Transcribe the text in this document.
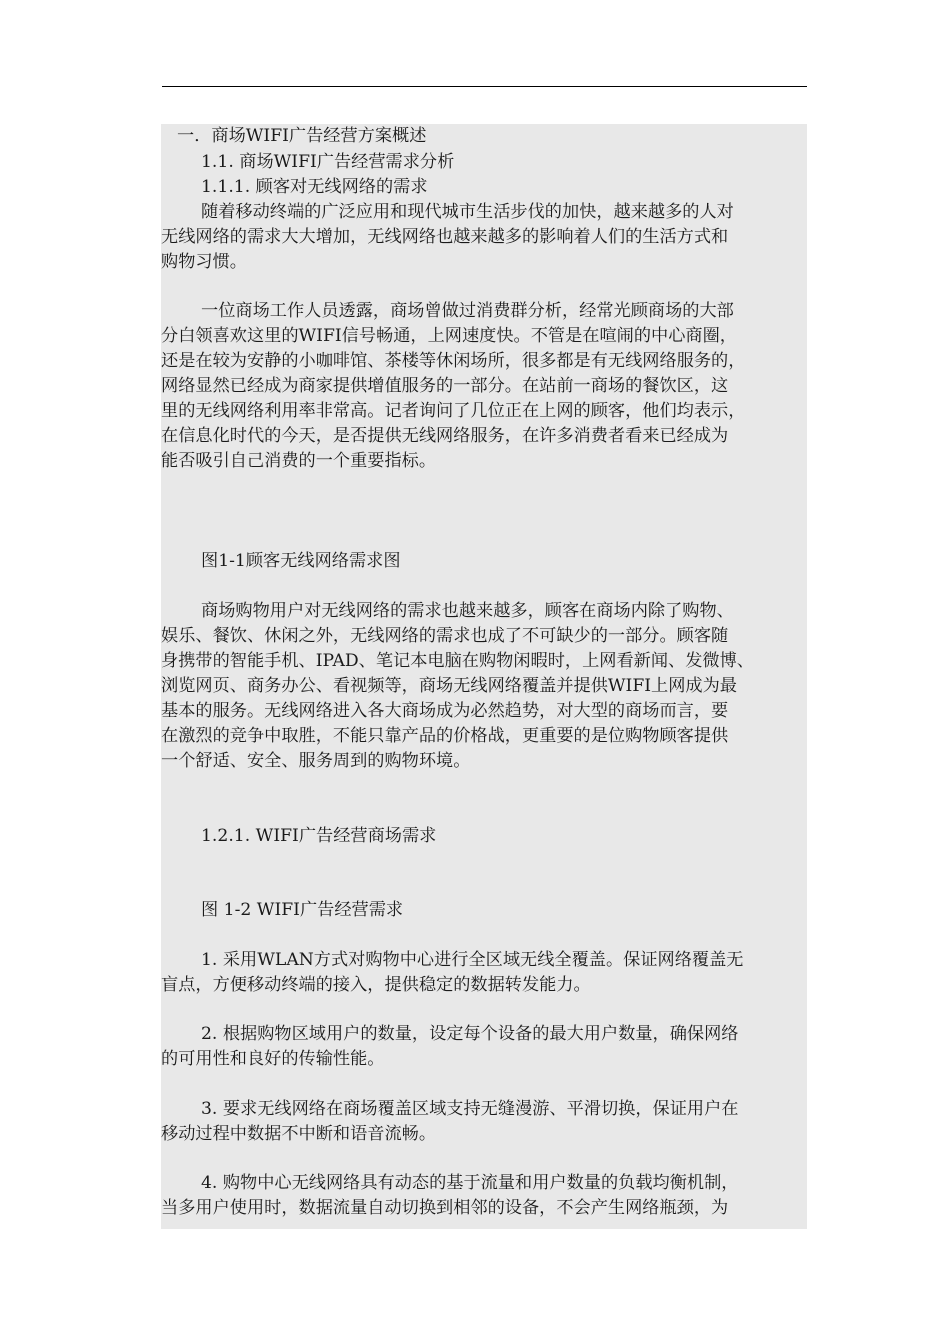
一．商场WIFI广告经营方案概述
1.1. 商场WIFI广告经营需求分析
1.1.1. 顾客对无线网络的需求
随着移动终端的广泛应用和现代城市生活步伐的加快，越来越多的人对
无线网络的需求大大增加，无线网络也越来越多的影响着人们的生活方式和
购物习惯。
一位商场工作人员透露，商场曾做过消费群分析，经常光顾商场的大部
分白领喜欢这里的WIFI信号畅通，上网速度快。不管是在喧闹的中心商圈，
还是在较为安静的小咖啡馆、茶楼等休闲场所，很多都是有无线网络服务的，
网络显然已经成为商家提供增值服务的一部分。在站前一商场的餐饮区，这
里的无线网络利用率非常高。记者询问了几位正在上网的顾客，他们均表示，
在信息化时代的今天，是否提供无线网络服务，在许多消费者看来已经成为
能否吸引自己消费的一个重要指标。
图1-1顾客无线网络需求图
商场购物用户对无线网络的需求也越来越多，顾客在商场内除了购物、
娱乐、餐饮、休闲之外，无线网络的需求也成了不可缺少的一部分。顾客随
身携带的智能手机、IPAD、笔记本电脑在购物闲暇时，上网看新闻、发微博、
浏览网页、商务办公、看视频等，商场无线网络覆盖并提供WIFI上网成为最
基本的服务。无线网络进入各大商场成为必然趋势，对大型的商场而言，要
在激烈的竞争中取胜，不能只靠产品的价格战，更重要的是位购物顾客提供
一个舒适、安全、服务周到的购物环境。
1.2.1. WIFI广告经营商场需求
图 1-2 WIFI广告经营需求
1. 采用WLAN方式对购物中心进行全区域无线全覆盖。保证网络覆盖无
盲点，方便移动终端的接入，提供稳定的数据转发能力。
2. 根据购物区域用户的数量，设定每个设备的最大用户数量，确保网络
的可用性和良好的传输性能。
3. 要求无线网络在商场覆盖区域支持无缝漫游、平滑切换，保证用户在
移动过程中数据不中断和语音流畅。
4. 购物中心无线网络具有动态的基于流量和用户数量的负载均衡机制，
当多用户使用时，数据流量自动切换到相邻的设备，不会产生网络瓶颈，为
